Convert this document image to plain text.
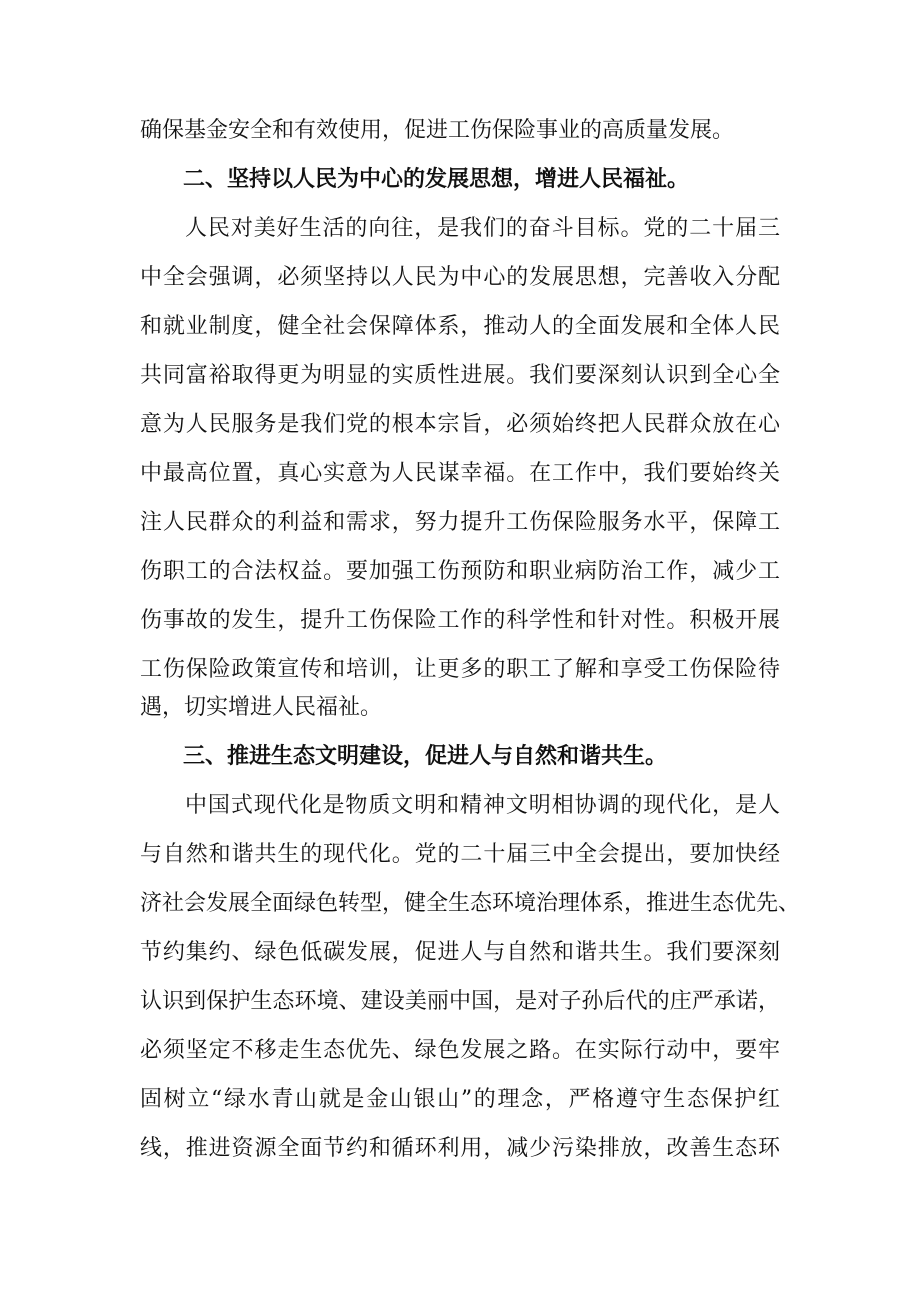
确保基金安全和有效使用，促进工伤保险事业的高质量发展。
二、坚持以人民为中心的发展思想，增进人民福祉。
人民对美好生活的向往，是我们的奋斗目标。党的二十届三
中全会强调，必须坚持以人民为中心的发展思想，完善收入分配
和就业制度，健全社会保障体系，推动人的全面发展和全体人民
共同富裕取得更为明显的实质性进展。我们要深刻认识到全心全
意为人民服务是我们党的根本宗旨，必须始终把人民群众放在心
中最高位置，真心实意为人民谋幸福。在工作中，我们要始终关
注人民群众的利益和需求，努力提升工伤保险服务水平，保障工
伤职工的合法权益。要加强工伤预防和职业病防治工作，减少工
伤事故的发生，提升工伤保险工作的科学性和针对性。积极开展
工伤保险政策宣传和培训，让更多的职工了解和享受工伤保险待
遇，切实增进人民福祉。
三、推进生态文明建设，促进人与自然和谐共生。
中国式现代化是物质文明和精神文明相协调的现代化，是人
与自然和谐共生的现代化。党的二十届三中全会提出，要加快经
济社会发展全面绿色转型，健全生态环境治理体系，推进生态优先、
节约集约、绿色低碳发展，促进人与自然和谐共生。我们要深刻
认识到保护生态环境、建设美丽中国，是对子孙后代的庄严承诺，
必须坚定不移走生态优先、绿色发展之路。在实际行动中，要牢
固树立“绿水青山就是金山银山”的理念，严格遵守生态保护红
线，推进资源全面节约和循环利用，减少污染排放，改善生态环
